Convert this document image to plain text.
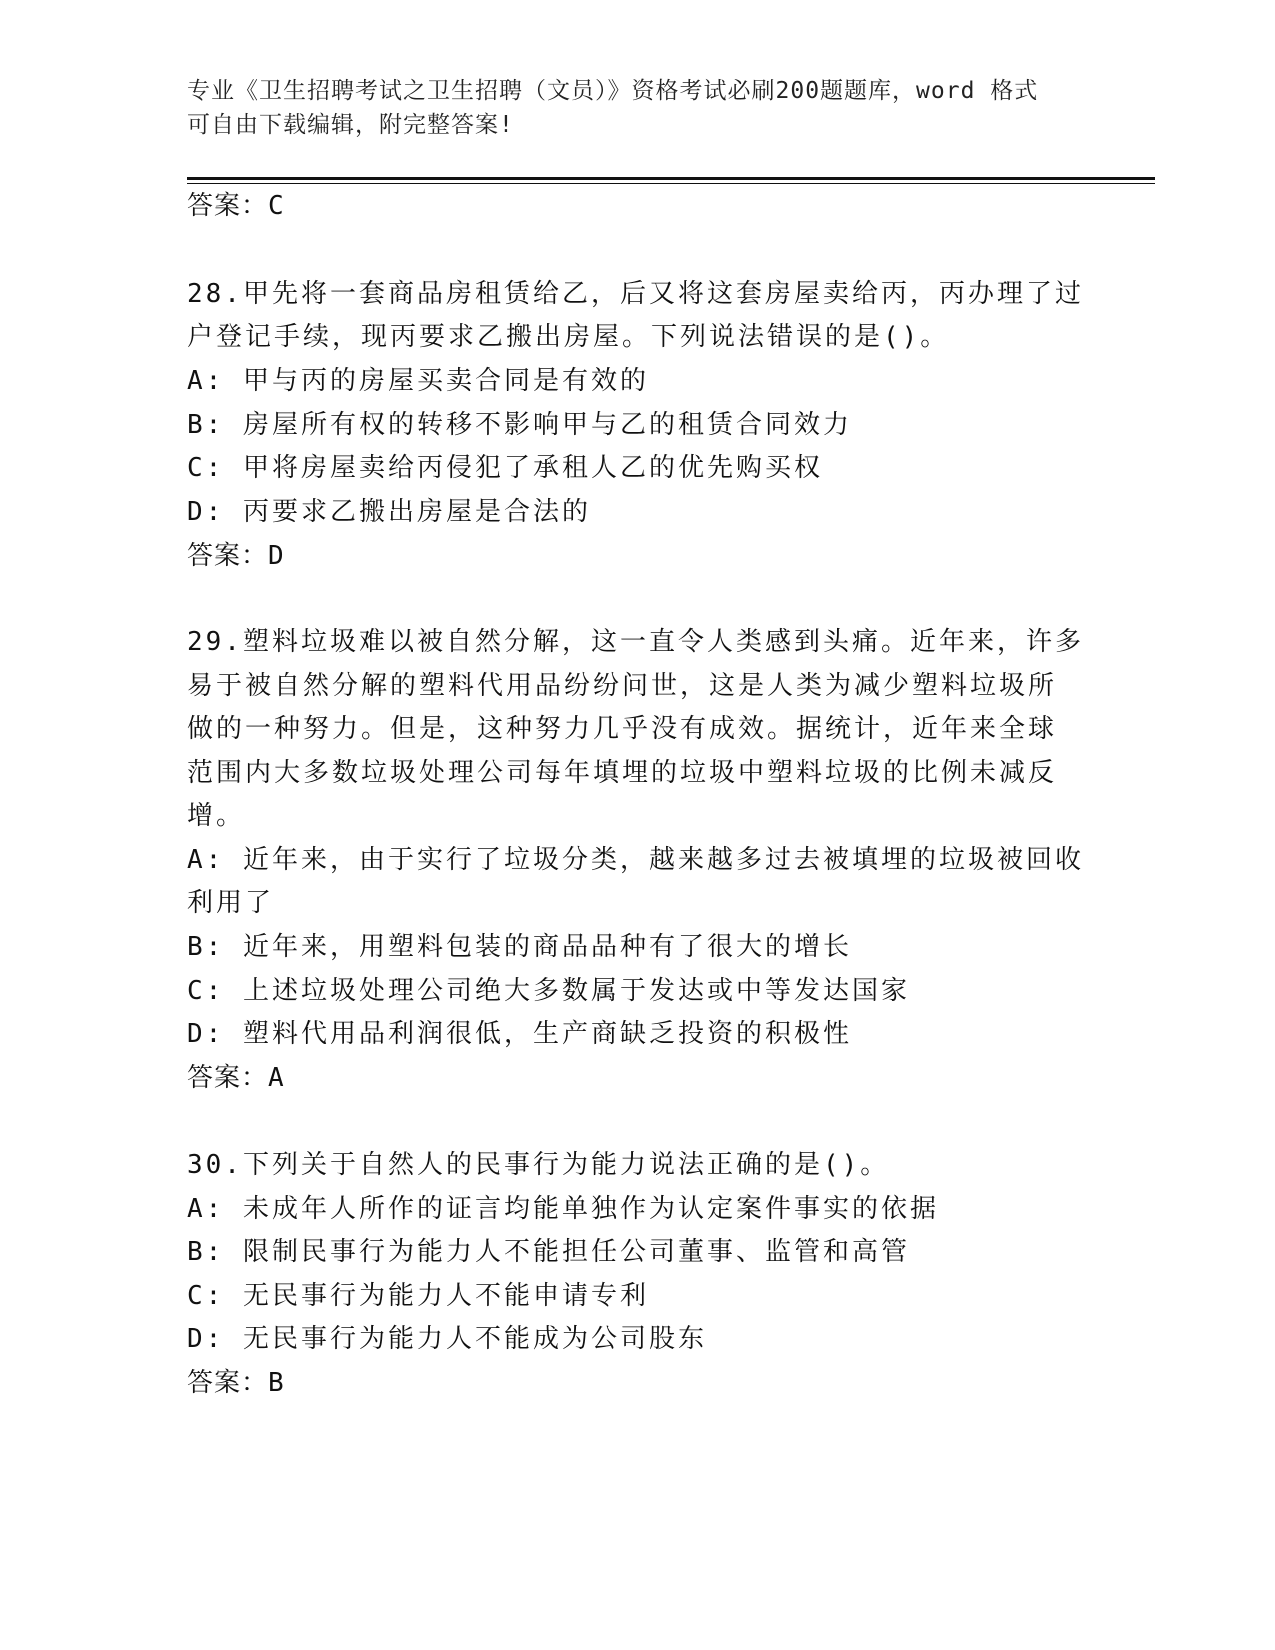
专业《卫生招聘考试之卫生招聘（文员）》资格考试必刷200题题库，word 格式
可自由下载编辑，附完整答案!
答案：C
28.甲先将一套商品房租赁给乙，后又将这套房屋卖给丙，丙办理了过
户登记手续，现丙要求乙搬出房屋。下列说法错误的是()。
A: 甲与丙的房屋买卖合同是有效的
B: 房屋所有权的转移不影响甲与乙的租赁合同效力
C: 甲将房屋卖给丙侵犯了承租人乙的优先购买权
D: 丙要求乙搬出房屋是合法的
答案：D
29.塑料垃圾难以被自然分解，这一直令人类感到头痛。近年来，许多
易于被自然分解的塑料代用品纷纷问世，这是人类为减少塑料垃圾所
做的一种努力。但是，这种努力几乎没有成效。据统计，近年来全球
范围内大多数垃圾处理公司每年填埋的垃圾中塑料垃圾的比例未减反
增。
A: 近年来，由于实行了垃圾分类，越来越多过去被填埋的垃圾被回收
利用了
B: 近年来，用塑料包装的商品品种有了很大的增长
C: 上述垃圾处理公司绝大多数属于发达或中等发达国家
D: 塑料代用品利润很低，生产商缺乏投资的积极性
答案：A
30.下列关于自然人的民事行为能力说法正确的是()。
A: 未成年人所作的证言均能单独作为认定案件事实的依据
B: 限制民事行为能力人不能担任公司董事、监管和高管
C: 无民事行为能力人不能申请专利
D: 无民事行为能力人不能成为公司股东
答案：B
